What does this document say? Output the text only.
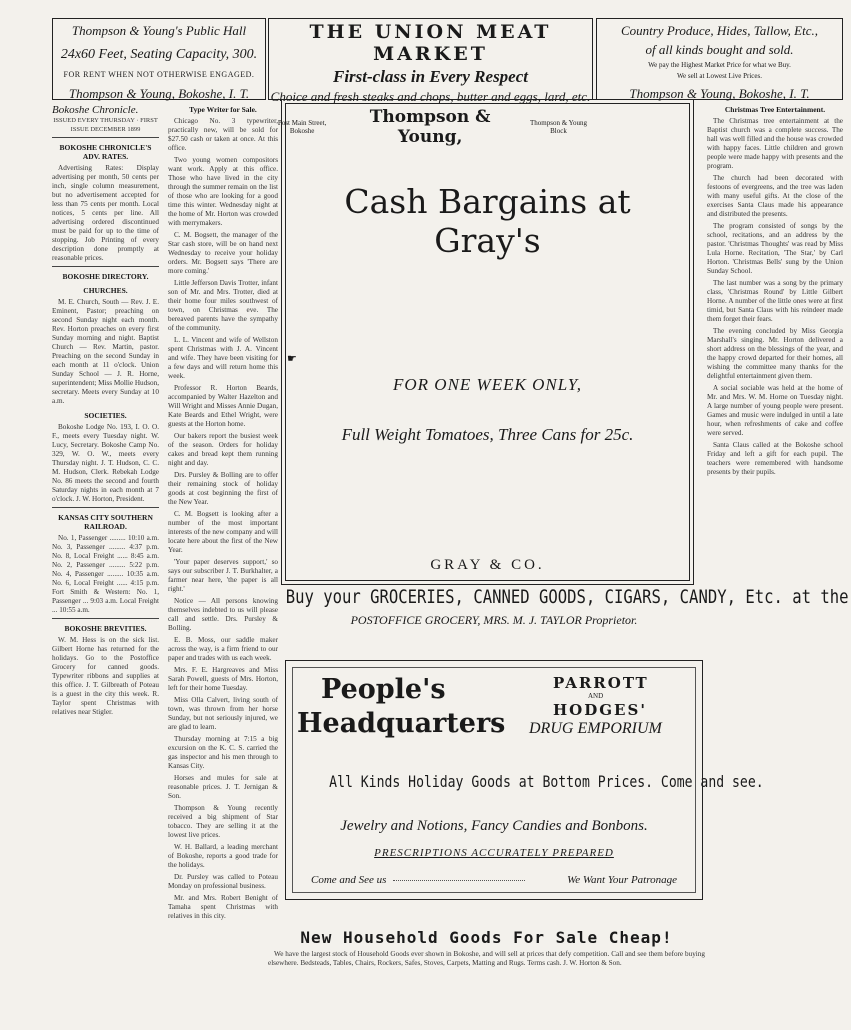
Thompson & Young's Public Hall
24x60 Feet, Seating Capacity, 300.
FOR RENT WHEN NOT OTHERWISE ENGAGED.
Thompson & Young, Bokoshe, I. T.
THE UNION MEAT MARKET
First-class in Every Respect
Choice and fresh steaks and chops, butter and eggs, lard, etc.
Post Main Street, Bokoshe
Thompson & Young,
Thompson & Young Block
Country Produce, Hides, Tallow, Etc.,
of all kinds bought and sold.
We pay the Highest Market Price for what we Buy.
We sell at Lowest Live Prices.
Thompson & Young, Bokoshe, I. T.
Bokoshe Chronicle.
ISSUED EVERY THURSDAY · FIRST ISSUE DECEMBER 1899
BOKOSHE CHRONICLE'S ADV. RATES.

Advertising Rates: Display advertising per month, 50 cents per inch, single column measurement, but no advertisement accepted for less than 75 cents per month. Local notices, 5 cents per line. All advertising ordered discontinued must be paid for up to the time of stopping. Job Printing of every description done promptly at reasonable prices.

BOKOSHE DIRECTORY.
CHURCHES.

M. E. Church, South — Rev. J. E. Eminent, Pastor; preaching on second Sunday night each month. Rev. Horton preaches on every first Sunday morning and night. Baptist Church — Rev. Martin, pastor. Preaching on the second Sunday in each month at 11 o'clock. Union Sunday School — J. R. Horne, superintendent; Miss Mollie Hudson, secretary. Meets every Sunday at 10 a.m.

SOCIETIES.

Bokoshe Lodge No. 193, I. O. O. F., meets every Tuesday night. W. Lucy, Secretary. Bokoshe Camp No. 329, W. O. W., meets every Thursday night. J. T. Hudson, C. C. M. Hudson, Clerk. Rebekah Lodge No. 86 meets the second and fourth Saturday nights in each month at 7 o'clock. J. W. Horton, President.

KANSAS CITY SOUTHERN RAILROAD.

No. 1, Passenger ......... 10:10 a.m. No. 3, Passenger ......... 4:37 p.m. No. 8, Local Freight ...... 8:45 a.m. No. 2, Passenger ......... 5:22 p.m. No. 4, Passenger ......... 10:35 a.m. No. 6, Local Freight ...... 4:15 p.m. Fort Smith & Western: No. 1, Passenger ... 9:03 a.m. Local Freight ... 10:55 a.m.

BOKOSHE BREVITIES.

W. M. Hess is on the sick list. Gilbert Horne has returned for the holidays. Go to the Postoffice Grocery for canned goods. Typewriter ribbons and supplies at this office. J. T. Gilbreath of Poteau is a guest in the city this week. R. Taylor spent Christmas with relatives near Stigler.

Type Writer for Sale.

Chicago No. 3 typewriter, practically new, will be sold for $27.50 cash or taken at once. At this office.

Two young women compositors want work. Apply at this office. Those who have lived in the city through the summer remain on the list of those who are looking for a good time this winter. Wednesday night at the home of Mr. Horton was crowded with merrymakers.

C. M. Bogsett, the manager of the Star cash store, will be on hand next Wednesday to receive your holiday orders. Mr. Bogsett says 'There are more coming.'

Little Jefferson Davis Trotter, infant son of Mr. and Mrs. Trotter, died at their home four miles southwest of town, on Christmas eve. The bereaved parents have the sympathy of the community.

L. L. Vincent and wife of Wellston spent Christmas with J. A. Vincent and wife. They have been visiting for a few days and will return home this week.

Professor R. Horton Beards, accompanied by Walter Hazelton and Will Wright and Misses Annie Dugan, Kate Beards and Ethel Wright, were guests at the Horton home.

Our bakers report the busiest week of the season. Orders for holiday cakes and bread kept them running night and day.

Drs. Pursley & Bolling are to offer their remaining stock of holiday goods at cost beginning the first of the New Year.

C. M. Bogsett is looking after a number of the most important interests of the new company and will locate here about the first of the New Year.

'Your paper deserves support,' so says our subscriber J. T. Burkhalter, a farmer near here, 'the paper is all right.'

Notice — All persons knowing themselves indebted to us will please call and settle. Drs. Pursley & Bolling.

E. B. Moss, our saddle maker across the way, is a firm friend to our paper and trades with us each week.

Mrs. F. E. Hargreaves and Miss Sarah Powell, guests of Mrs. Horton, left for their home Tuesday.

Miss Olla Calvert, living south of town, was thrown from her horse Sunday, but not seriously injured, we are glad to learn.

Thursday morning at 7:15 a big excursion on the K. C. S. carried the gas inspector and his men through to Kansas City.

Horses and mules for sale at reasonable prices. J. T. Jernigan & Son.

Thompson & Young recently received a big shipment of Star tobacco. They are selling it at the lowest live prices.

W. H. Ballard, a leading merchant of Bokoshe, reports a good trade for the holidays.

Dr. Pursley was called to Poteau Monday on professional business.

Mr. and Mrs. Robert Benight of Tamaha spent Christmas with relatives in this city.

Cash Bargains at Gray's
FOR ONE WEEK ONLY,
Full Weight Tomatoes, Three Cans for 25c.
GRAY & CO.
☛
Buy your GROCERIES, CANNED GOODS, CIGARS, CANDY, Etc. at the
POSTOFFICE GROCERY, MRS. M. J. TAYLOR Proprietor.
People's
Headquarters
PARROTT
AND
HODGES'
DRUG EMPORIUM
All Kinds Holiday Goods at Bottom Prices. Come and see.
Jewelry and Notions, Fancy Candies and Bonbons.
PRESCRIPTIONS ACCURATELY PREPARED
Come and See us	We Want Your Patronage
New Household Goods For Sale Cheap!

We have the largest stock of Household Goods ever shown in Bokoshe, and will sell at prices that defy competition. Call and see them before buying elsewhere. Bedsteads, Tables, Chairs, Rockers, Safes, Stoves, Carpets, Matting and Rugs. Terms cash. J. W. Horton & Son.

Christmas Tree Entertainment.

The Christmas tree entertainment at the Baptist church was a complete success. The hall was well filled and the house was crowded with happy faces. Little children and grown people were made happy with presents and the program.

The church had been decorated with festoons of evergreens, and the tree was laden with many useful gifts. At the close of the exercises Santa Claus made his appearance and distributed the presents.

The program consisted of songs by the school, recitations, and an address by the pastor. 'Christmas Thoughts' was read by Miss Lula Horne. Recitation, 'The Star,' by Carl Horton. 'Christmas Bells' sung by the Union Sunday School.

The last number was a song by the primary class, 'Christmas Round' by Little Gilbert Horne. A number of the little ones were at first timid, but Santa Claus with his reindeer made them forget their fears.

The evening concluded by Miss Georgia Marshall's singing. Mr. Horton delivered a short address on the blessings of the year, and the happy crowd departed for their homes, all wishing the committee many thanks for the delightful entertainment given them.

A social sociable was held at the home of Mr. and Mrs. W. M. Horne on Tuesday night. A large number of young people were present. Games and music were indulged in until a late hour, when refreshments of cake and coffee were served.

Santa Claus called at the Bokoshe school Friday and left a gift for each pupil. The teachers were remembered with handsome presents by their pupils.
